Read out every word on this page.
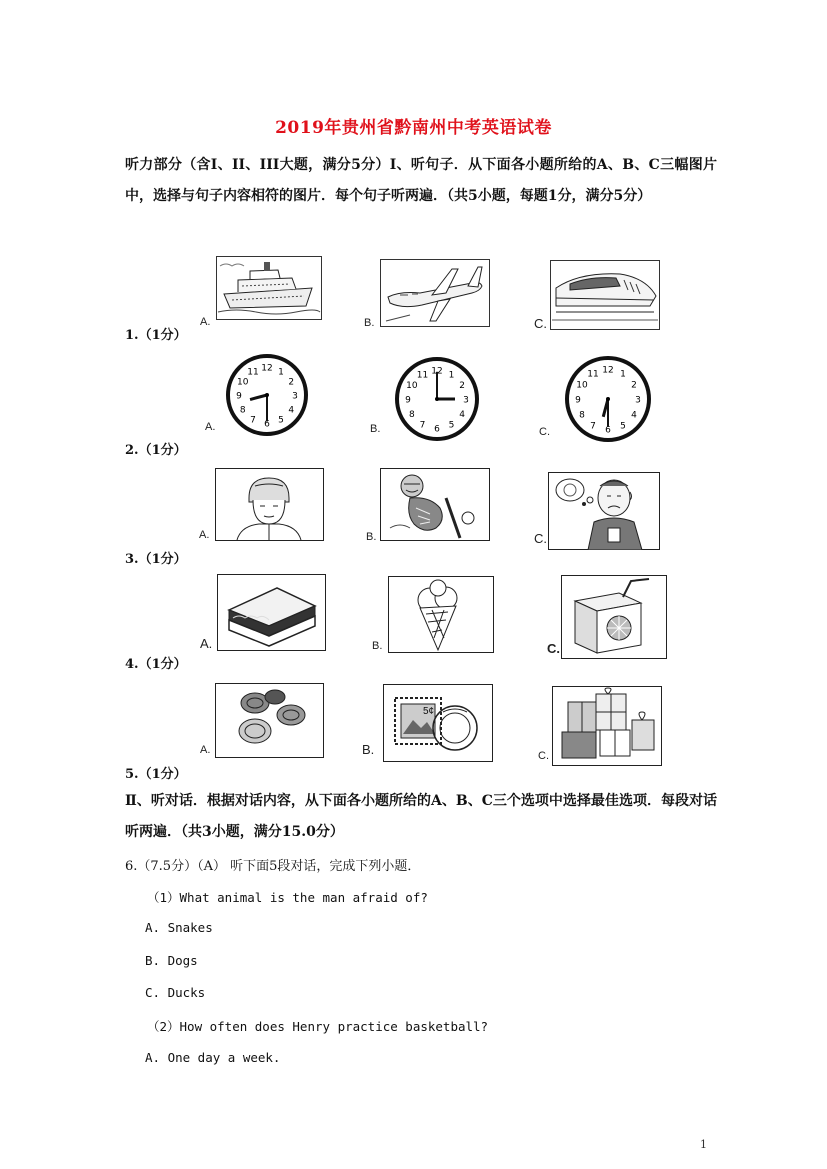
2019年贵州省黔南州中考英语试卷
听力部分（含I、II、III大题，满分5分）I、听句子．从下面各小题所给的A、B、C三幅图片中，选择与句子内容相符的图片．每个句子听两遍．（共5小题，每题1分，满分5分）
A.	B.	C.
1.（1分）
12 1
2
3
4
5
6
7
8
9
10
11
A.
12 1
2
3
4
5
6
7
8
9
10
11
B.
12 1
2
3
4
5
6
7
8
9
10
11
C.
2.（1分）
A.	B.	C.
3.（1分）
A.	B.	C.
4.（1分）
A.
5¢
B.	C.
5.（1分）
Ⅱ、听对话．根据对话内容，从下面各小题所给的A、B、C三个选项中选择最佳选项．每段对话听两遍．（共3小题，满分15.0分）
6.（7.5分）（A） 听下面5段对话，完成下列小题．
（1）What animal is the man afraid of?
A. Snakes
B. Dogs
C. Ducks
（2）How often does Henry practice basketball?
A. One day a week.
1
